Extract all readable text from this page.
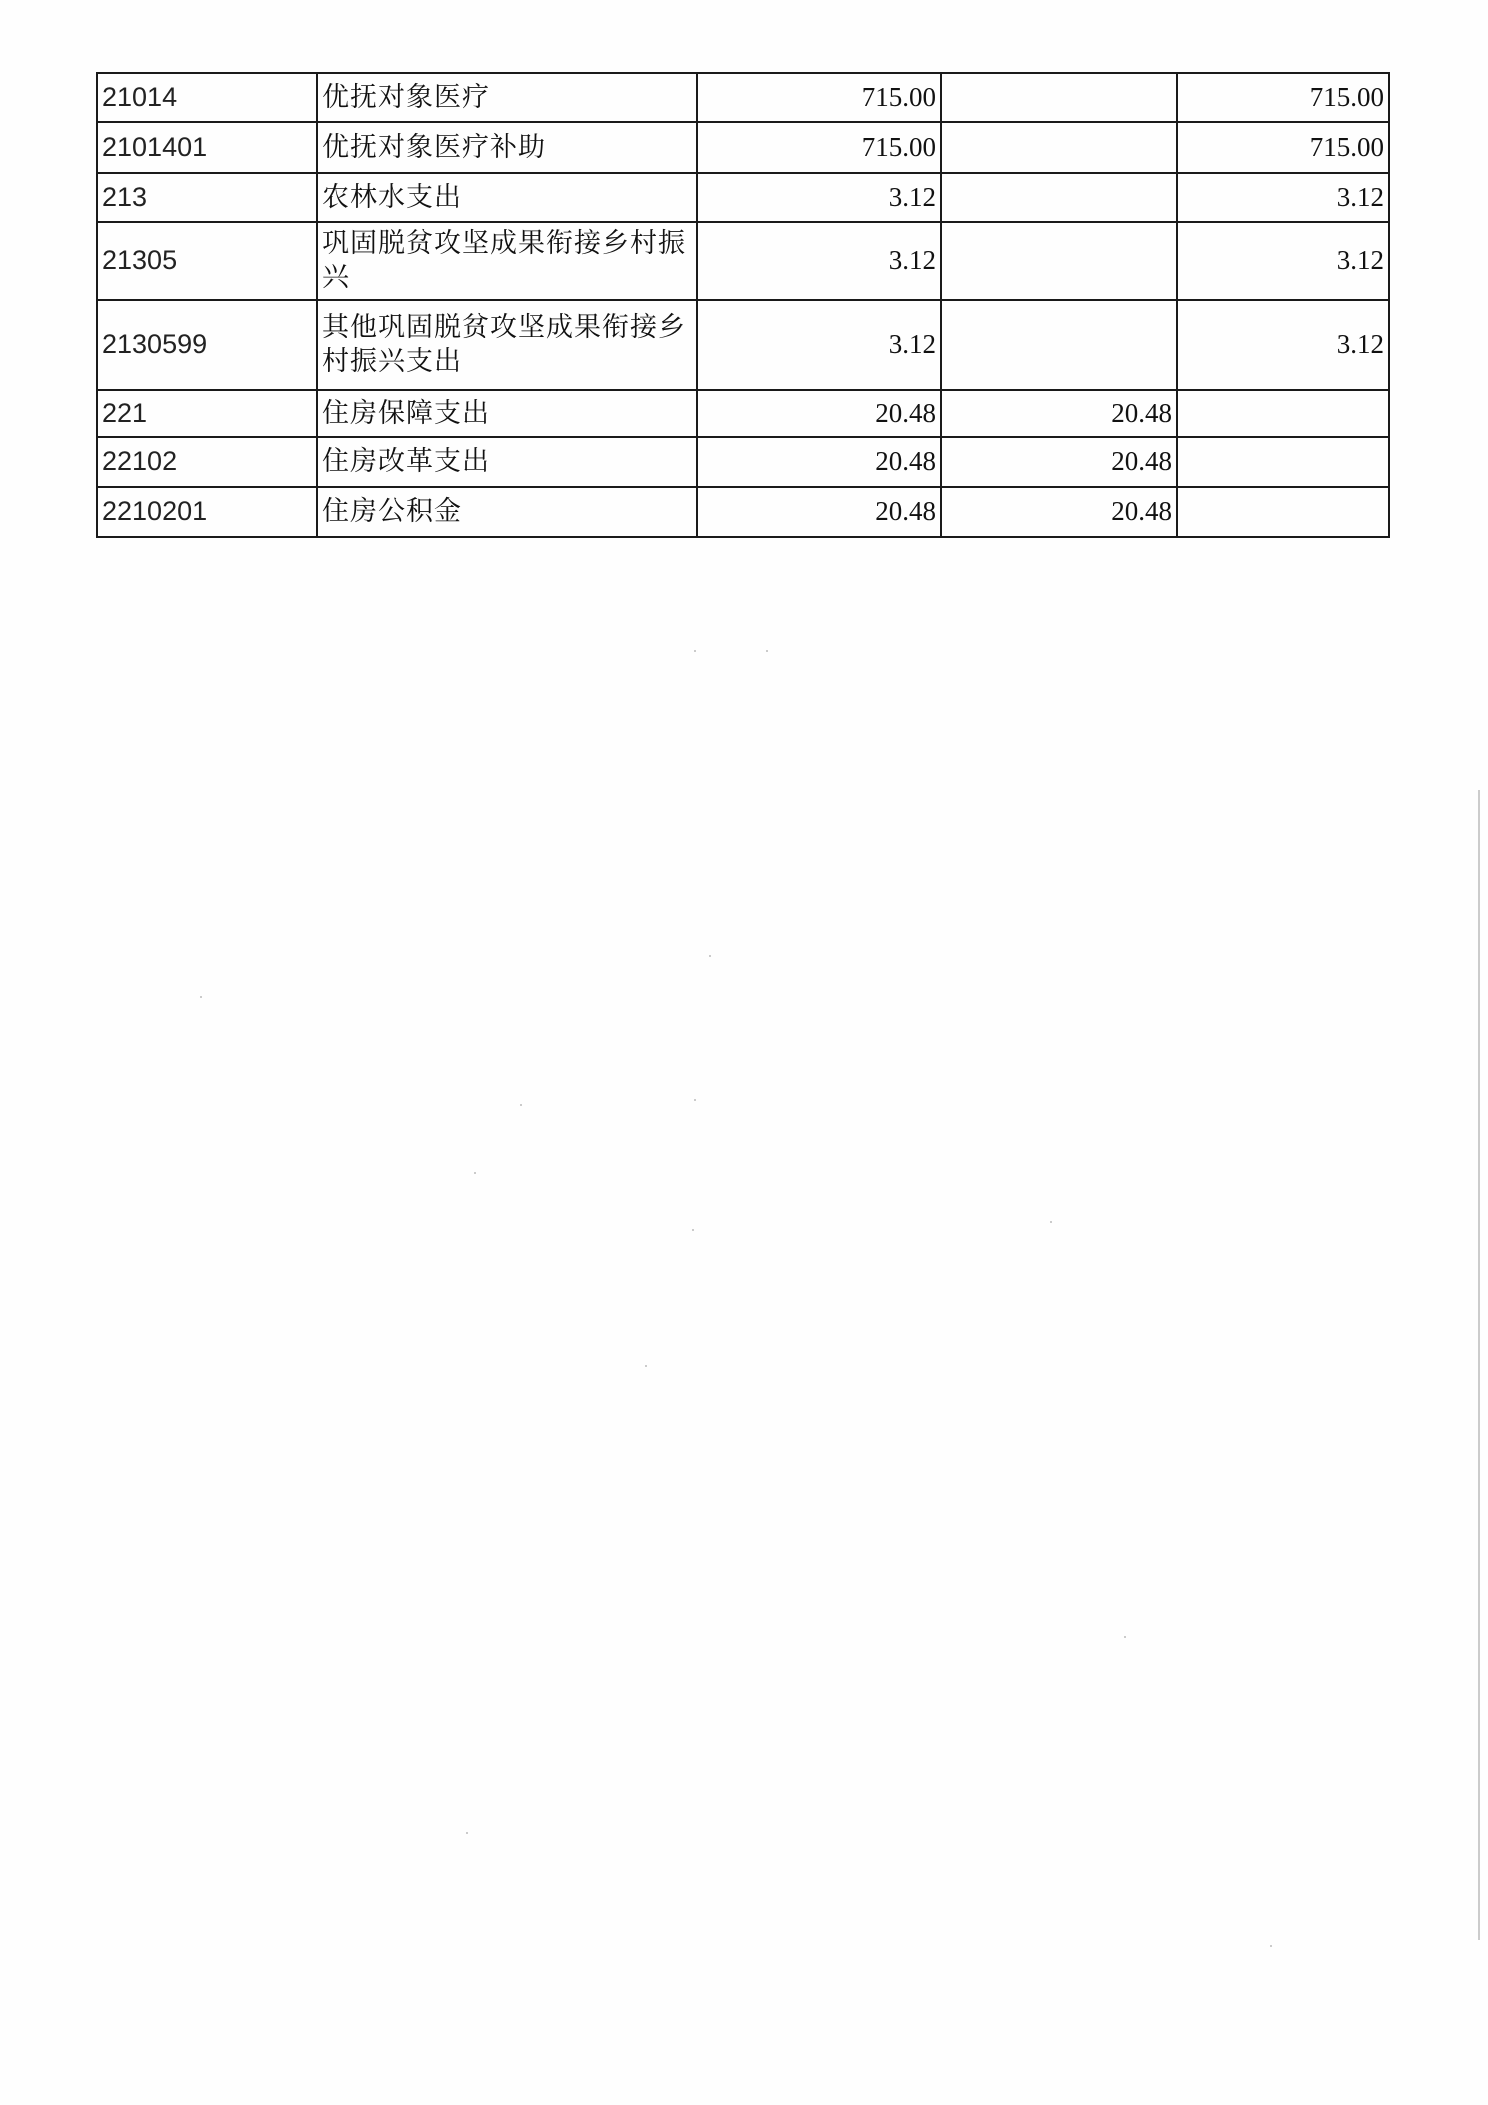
21014	优抚对象医疗	715.00		715.00
2101401	优抚对象医疗补助	715.00		715.00
213	农林水支出	3.12		3.12
21305	巩固脱贫攻坚成果衔接乡村振兴	3.12		3.12
2130599	其他巩固脱贫攻坚成果衔接乡村振兴支出	3.12		3.12
221	住房保障支出	20.48	20.48	
22102	住房改革支出	20.48	20.48	
2210201	住房公积金	20.48	20.48	
